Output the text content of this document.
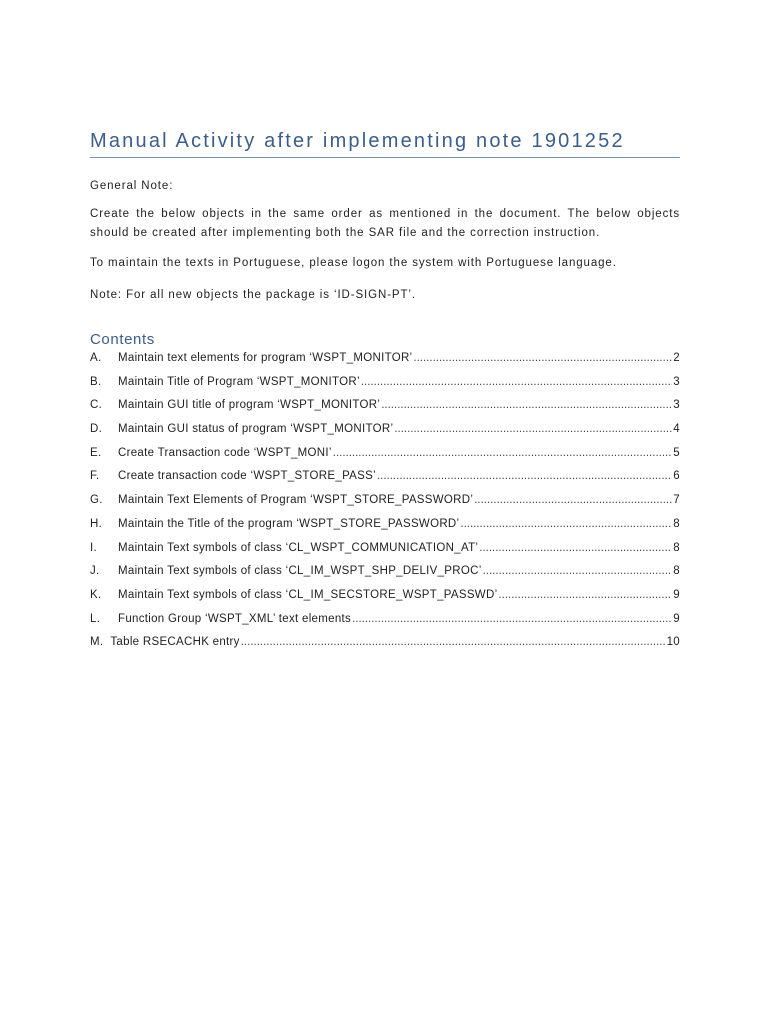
Manual Activity after implementing note 1901252
General Note:
Create the below objects in the same order as mentioned in the document. The below objects should be created after implementing both the SAR file and the correction instruction.
To maintain the texts in Portuguese, please logon the system with Portuguese language.
Note: For all new objects the package is ‘ID-SIGN-PT’.
Contents
A.	Maintain text elements for program ‘WSPT_MONITOR’ .....	2
B.	Maintain Title of Program ‘WSPT_MONITOR’ .....	3
C.	Maintain GUI title of program ‘WSPT_MONITOR’ .....	3
D.	Maintain GUI status of program ‘WSPT_MONITOR’ .....	4
E.	Create Transaction code ‘WSPT_MONI’ .....	5
F.	Create transaction code ‘WSPT_STORE_PASS’ .....	6
G.	Maintain Text Elements of Program ‘WSPT_STORE_PASSWORD’ .....	7
H.	Maintain the Title of the program ‘WSPT_STORE_PASSWORD’ .....	8
I.	Maintain Text symbols of class ‘CL_WSPT_COMMUNICATION_AT’ .....	8
J.	Maintain Text symbols of class ‘CL_IM_WSPT_SHP_DELIV_PROC’ .....	8
K.	Maintain Text symbols of class ‘CL_IM_SECSTORE_WSPT_PASSWD’ .....	9
L.	Function Group ‘WSPT_XML’ text elements .....	9
M. Table RSECACHK entry .....	10
